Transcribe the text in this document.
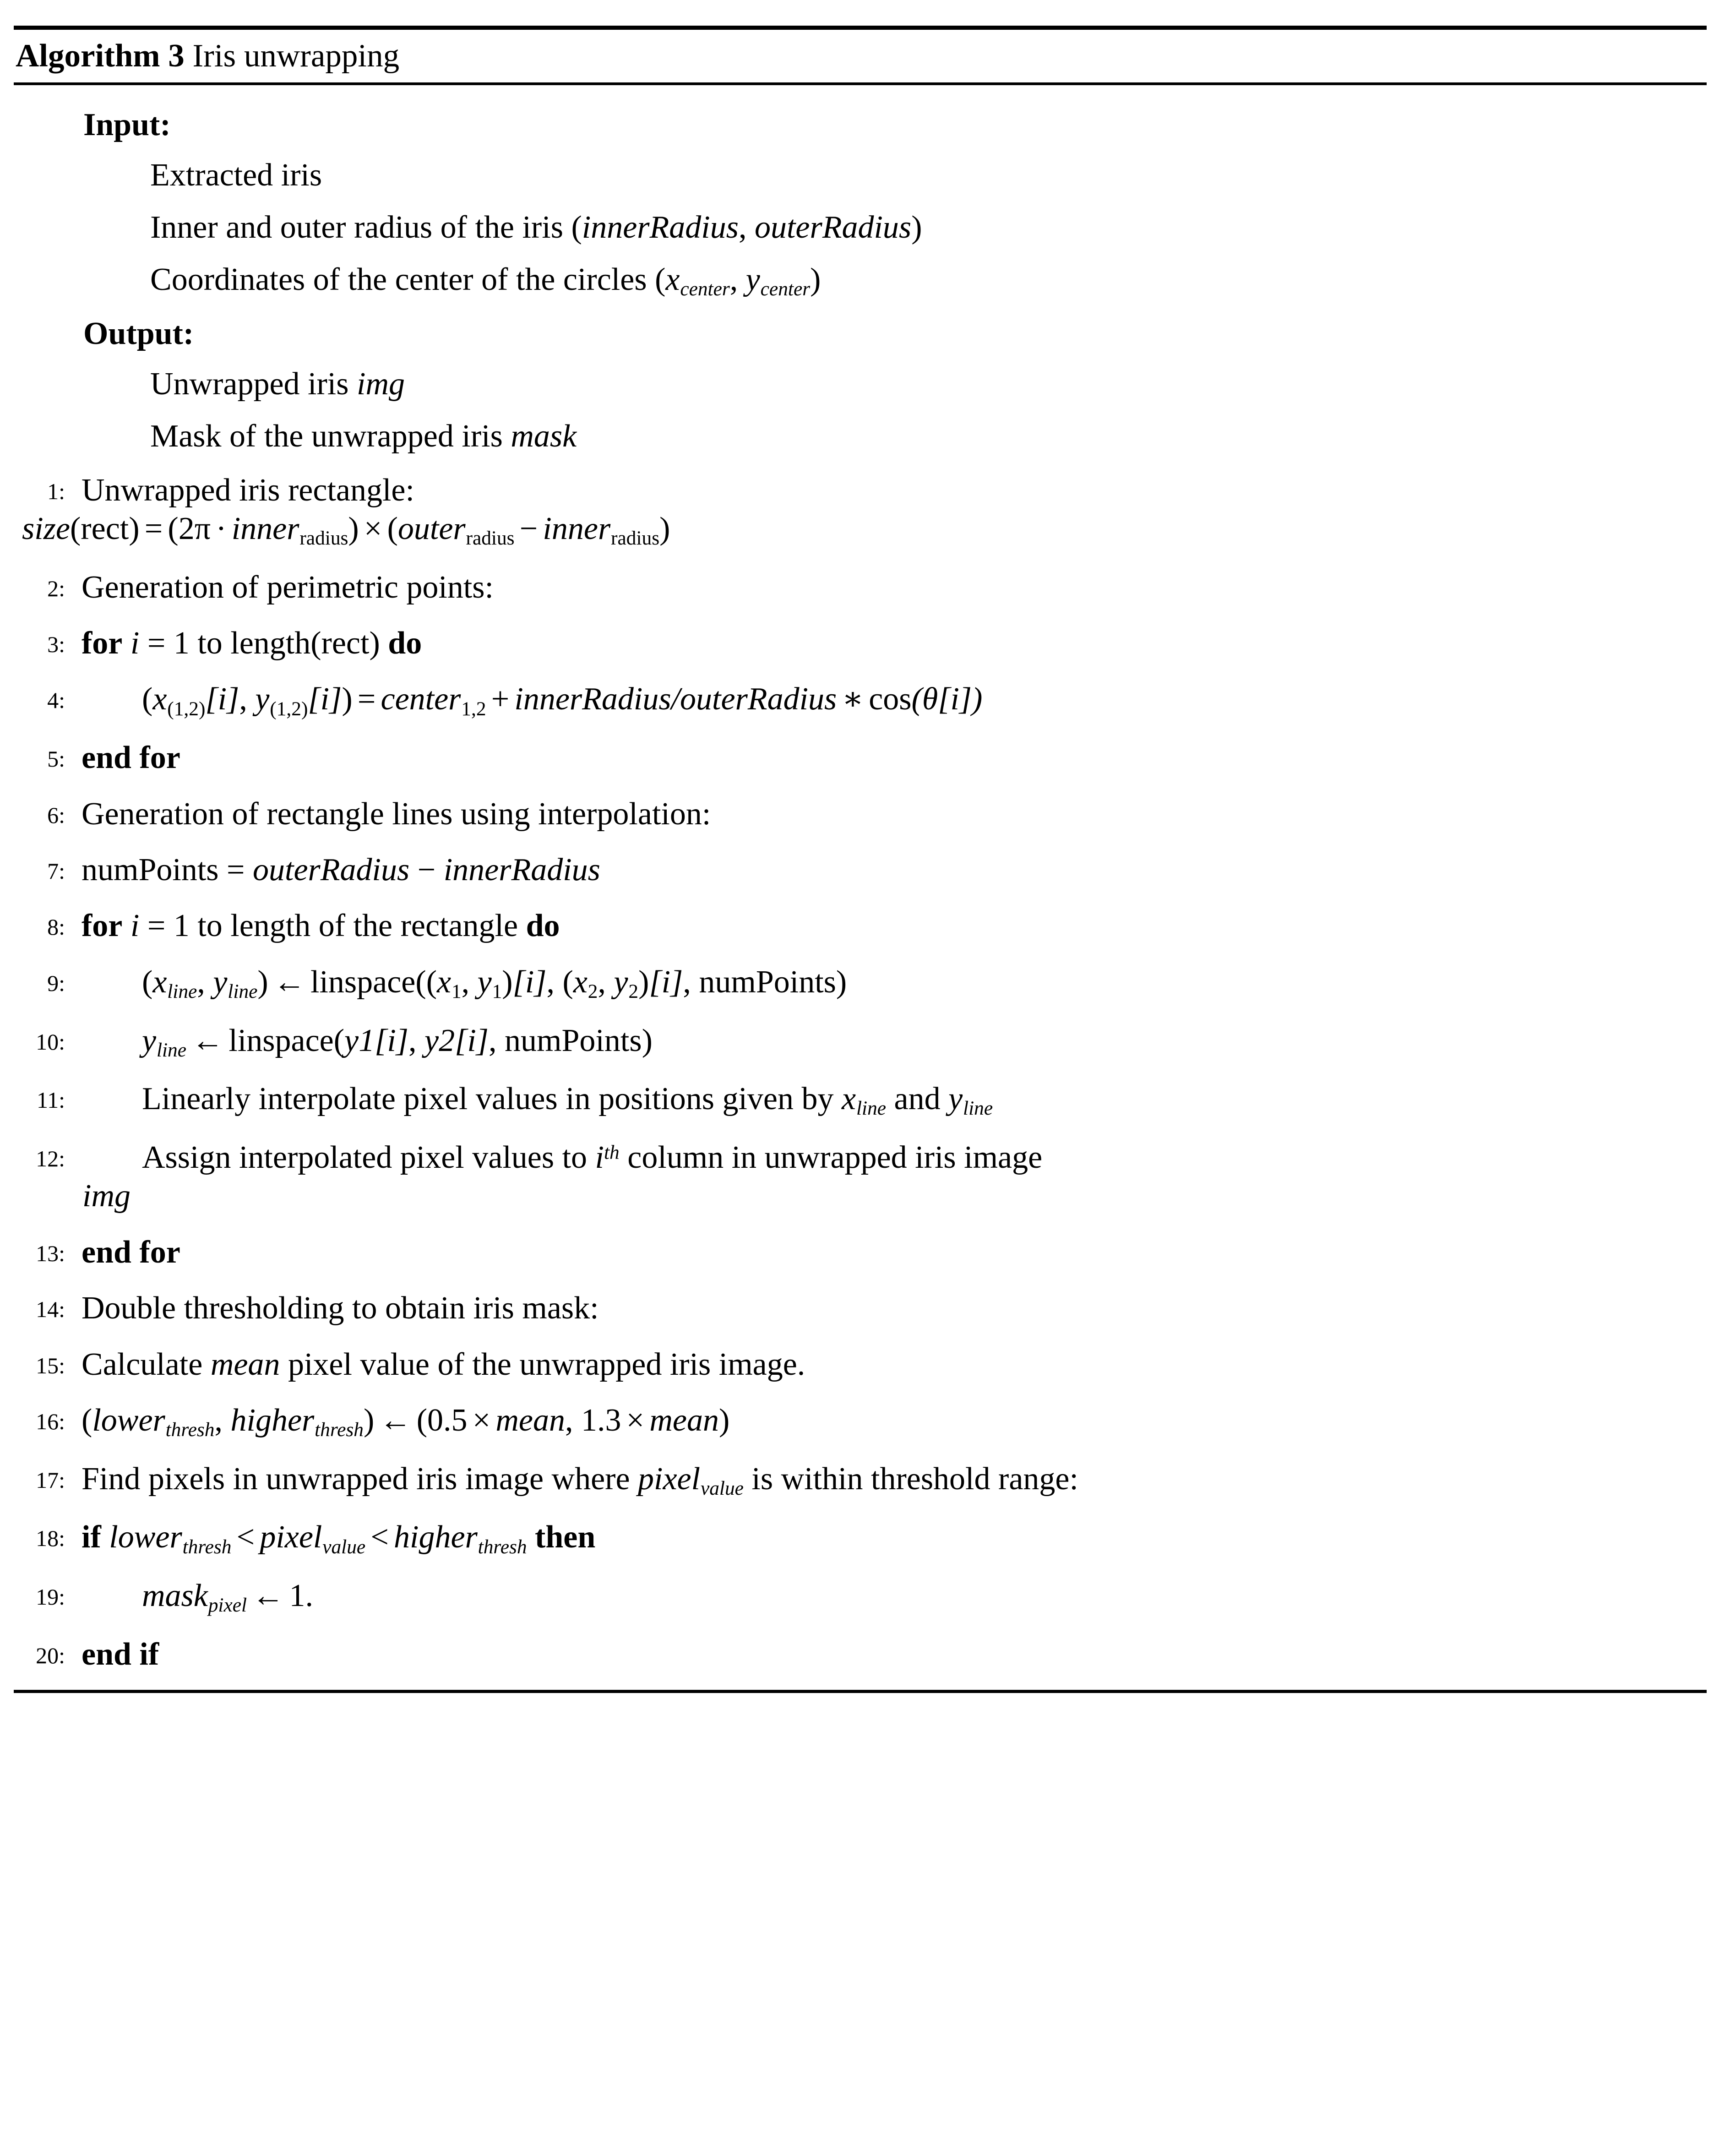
Algorithm 3 Iris unwrapping
Input:
Extracted iris
Inner and outer radius of the iris (innerRadius, outerRadius)
Coordinates of the center of the circles ($x_{center}$, $y_{center}$)
Output:
Unwrapped iris img
Mask of the unwrapped iris mask
1: Unwrapped iris rectangle:
size(rect) = (2π · innerradius) × (outerradius − innerradius)
2: Generation of perimetric points:
3: for i = 1 to length(rect) do
4:	(x(1,2)[i], y(1,2)[i]) = center1,2 + innerRadius/outerRadius ∗ cos(θ[i])
5: end for
6: Generation of rectangle lines using interpolation:
7: numPoints = outerRadius − innerRadius
8: for i = 1 to length of the rectangle do
9:	($x_{line}$, $y_{line}$) ← linspace((x1, y1)[i], (x2, y2)[i], numPoints)
10:	$y_{line}$ ← linspace(y1[i], y2[i], numPoints)
11:	Linearly interpolate pixel values in positions given by $x_{line}$ and $y_{line}$
12:	Assign interpolated pixel values to $i^{th}$ column in unwrapped iris image
img
13: end for
14: Double thresholding to obtain iris mask:
15: Calculate mean pixel value of the unwrapped iris image.
16: (lower$_{thresh}$, higher$_{thresh}$) ← (0.5 × mean, 1.3 × mean)
17: Find pixels in unwrapped iris image where pixel$_{value}$ is within threshold range:
18: if lower$_{thresh}$ < pixel$_{value}$ < higher$_{thresh}$ then
19:	mask$_{pixel}$ ← 1.
20: end if
